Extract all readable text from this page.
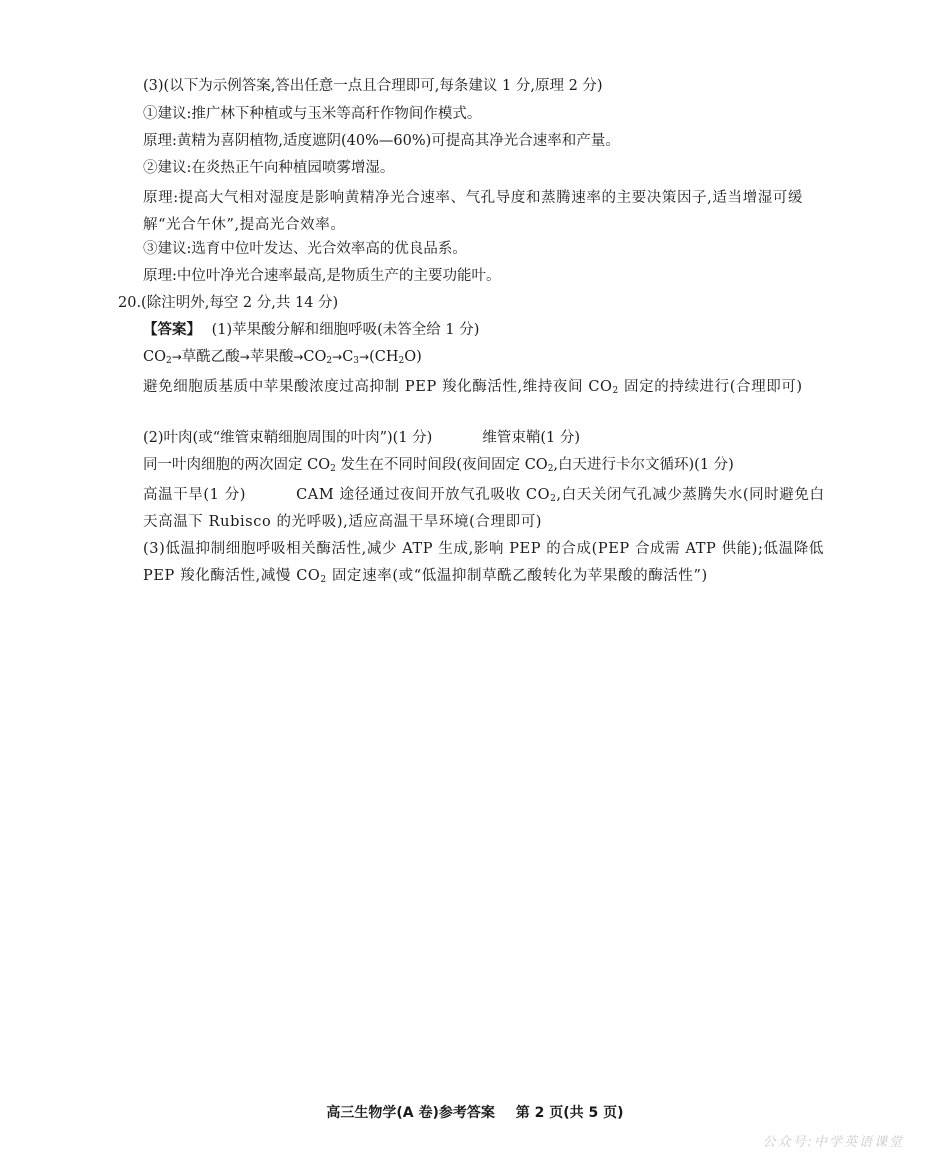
(3)(以下为示例答案,答出任意一点且合理即可,每条建议 1 分,原理 2 分)
①建议:推广林下种植或与玉米等高秆作物间作模式。
原理:黄精为喜阴植物,适度遮阴(40%—60%)可提高其净光合速率和产量。
②建议:在炎热正午向种植园喷雾增湿。
原理:提高大气相对湿度是影响黄精净光合速率、气孔导度和蒸腾速率的主要决策因子,适当增湿可缓解“光合午休”,提高光合效率。
③建议:选育中位叶发达、光合效率高的优良品系。
原理:中位叶净光合速率最高,是物质生产的主要功能叶。
20.(除注明外,每空 2 分,共 14 分)
【答案】 (1)苹果酸分解和细胞呼吸(未答全给 1 分)
$CO_2\to$草酰乙酸→苹果酸$\to CO_2\to C_3\to(CH_2O)$
避免细胞质基质中苹果酸浓度过高抑制 PEP 羧化酶活性,维持夜间 $CO_2$ 固定的持续进行(合理即可)
(2)叶肉(或“维管束鞘细胞周围的叶肉”)(1 分)	维管束鞘(1 分)
同一叶肉细胞的两次固定 $CO_2$ 发生在不同时间段(夜间固定 $CO_2$,白天进行卡尔文循环)(1 分)
高温干旱(1 分)	CAM 途径通过夜间开放气孔吸收 $CO_2$,白天关闭气孔减少蒸腾失水(同时避免白天高温下 Rubisco 的光呼吸),适应高温干旱环境(合理即可)
(3)低温抑制细胞呼吸相关酶活性,减少 ATP 生成,影响 PEP 的合成(PEP 合成需 ATP 供能);低温降低 PEP 羧化酶活性,减慢 $CO_2$ 固定速率(或“低温抑制草酰乙酸转化为苹果酸的酶活性”)
高三生物学(A 卷)参考答案 第 2 页(共 5 页)
公众号:中学英语课堂
